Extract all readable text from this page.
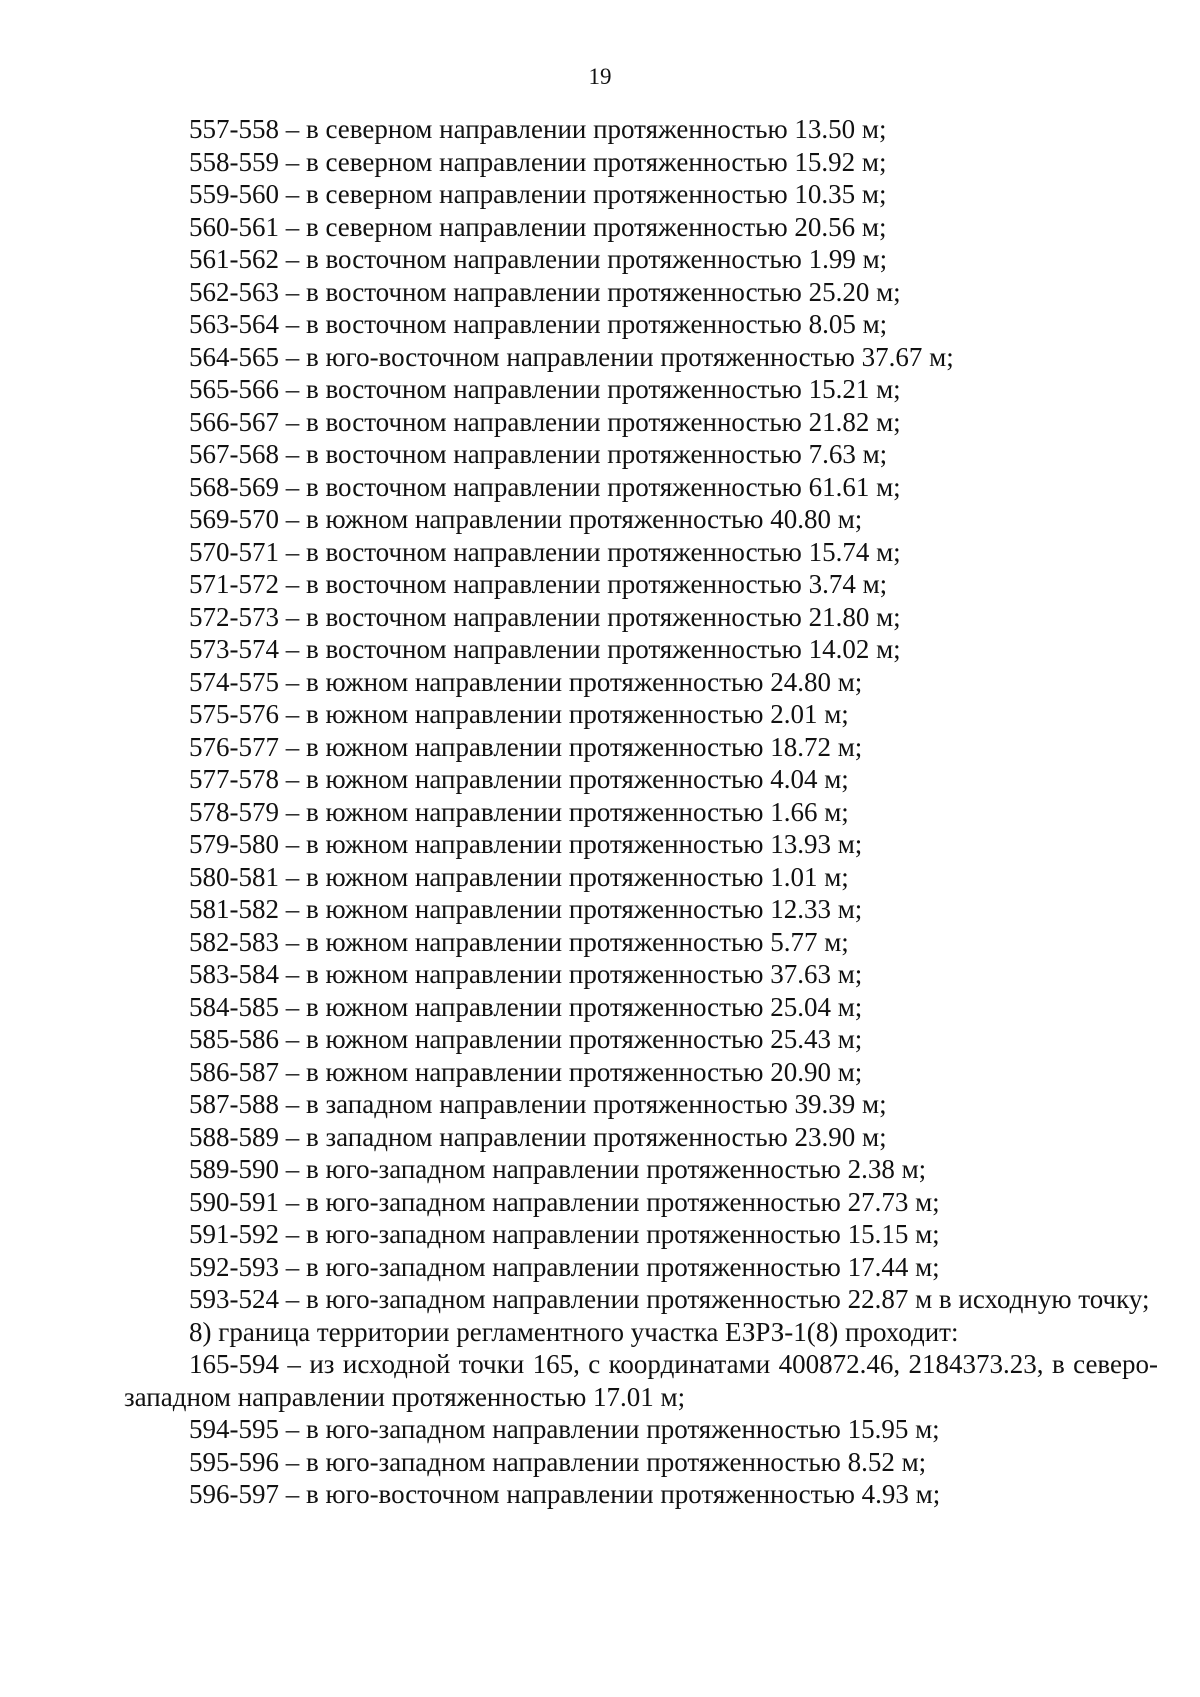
19
557-558 – в северном направлении протяженностью 13.50 м;
558-559 – в северном направлении протяженностью 15.92 м;
559-560 – в северном направлении протяженностью 10.35 м;
560-561 – в северном направлении протяженностью 20.56 м;
561-562 – в восточном направлении протяженностью 1.99 м;
562-563 – в восточном направлении протяженностью 25.20 м;
563-564 – в восточном направлении протяженностью 8.05 м;
564-565 – в юго-восточном направлении протяженностью 37.67 м;
565-566 – в восточном направлении протяженностью 15.21 м;
566-567 – в восточном направлении протяженностью 21.82 м;
567-568 – в восточном направлении протяженностью 7.63 м;
568-569 – в восточном направлении протяженностью 61.61 м;
569-570 – в южном направлении протяженностью 40.80 м;
570-571 – в восточном направлении протяженностью 15.74 м;
571-572 – в восточном направлении протяженностью 3.74 м;
572-573 – в восточном направлении протяженностью 21.80 м;
573-574 – в восточном направлении протяженностью 14.02 м;
574-575 – в южном направлении протяженностью 24.80 м;
575-576 – в южном направлении протяженностью 2.01 м;
576-577 – в южном направлении протяженностью 18.72 м;
577-578 – в южном направлении протяженностью 4.04 м;
578-579 – в южном направлении протяженностью 1.66 м;
579-580 – в южном направлении протяженностью 13.93 м;
580-581 – в южном направлении протяженностью 1.01 м;
581-582 – в южном направлении протяженностью 12.33 м;
582-583 – в южном направлении протяженностью 5.77 м;
583-584 – в южном направлении протяженностью 37.63 м;
584-585 – в южном направлении протяженностью 25.04 м;
585-586 – в южном направлении протяженностью 25.43 м;
586-587 – в южном направлении протяженностью 20.90 м;
587-588 – в западном направлении протяженностью 39.39 м;
588-589 – в западном направлении протяженностью 23.90 м;
589-590 – в юго-западном направлении протяженностью 2.38 м;
590-591 – в юго-западном направлении протяженностью 27.73 м;
591-592 – в юго-западном направлении протяженностью 15.15 м;
592-593 – в юго-западном направлении протяженностью 17.44 м;
593-524 – в юго-западном направлении протяженностью 22.87 м в исходную точку;
8) граница территории регламентного участка ЕЗРЗ-1(8) проходит:
165-594 – из исходной точки 165, с координатами 400872.46, 2184373.23, в северо-западном направлении протяженностью 17.01 м;
594-595 – в юго-западном направлении протяженностью 15.95 м;
595-596 – в юго-западном направлении протяженностью 8.52 м;
596-597 – в юго-восточном направлении протяженностью 4.93 м;
